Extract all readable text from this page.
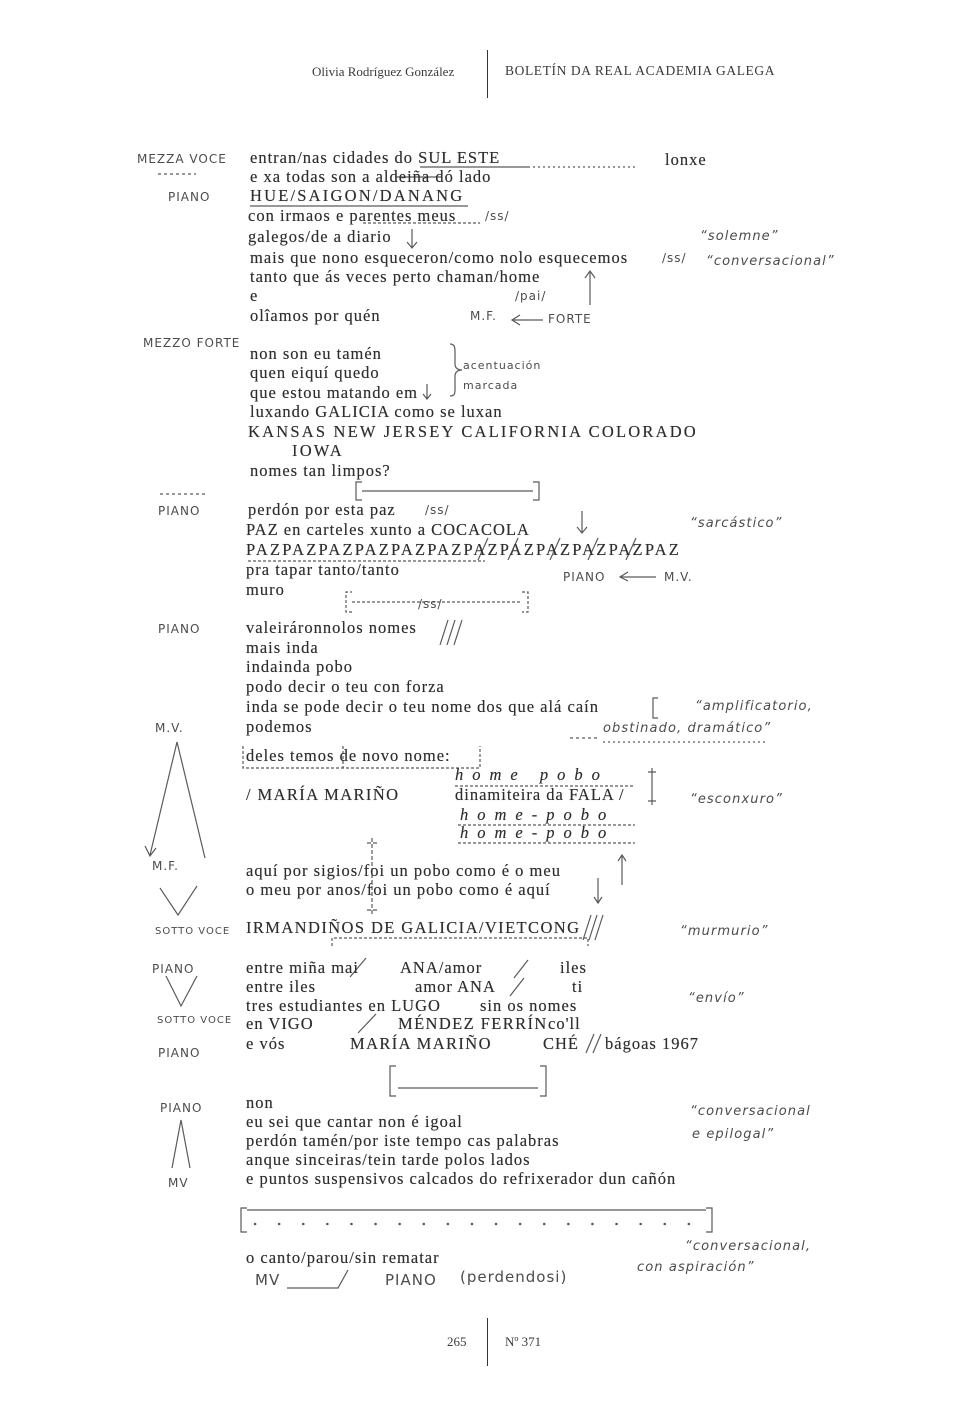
Olivia Rodríguez González	BOLETÍN DA REAL ACADEMIA GALEGA
MEZZA VOCE
PIANO
MEZZO FORTE
PIANO
PIANO
M.V.
M.F.
SOTTO VOCE
PIANO
SOTTO VOCE
PIANO
PIANO
MV
entran/nas cidades do SUL ESTE	lonxe
e xa todas son a aldeiña dó lado
HUE/SAIGON/DANANG
con irmaos e parentes meus
galegos/de a diario
mais que nono esqueceron/como nolo esquecemos
tanto que ás veces perto chaman/home
e
olîamos por quén
non son eu tamén
quen eiquí quedo
que estou matando em
luxando GALICIA como se luxan
KANSAS NEW JERSEY CALIFORNIA COLORADO
IOWA
nomes tan limpos?
perdón por esta paz
PAZ en carteles xunto a COCACOLA
PAZPAZPAZPAZPAZPAZPAZPAZPAZPAZPAZPAZ
pra tapar tanto/tanto
muro
valeiráronnolos nomes
mais inda
indainda pobo
podo decir o teu con forza
inda se pode decir o teu nome dos que alá caín
podemos
deles temos de novo nome:
home pobo
/ MARÍA MARIÑO	dinamiteira da FALA /
home-pobo
home-pobo
aquí por sigios/foi un pobo como é o meu
o meu por anos/foi un pobo como é aquí
IRMANDIÑOS DE GALICIA/VIETCONG
entre miña mai ANA/amor	iles
entre iles	amor ANA	ti
tres estudiantes en LUGO sin os nomes
en VIGO	MÉNDEZ FERRÍN co'll
e vós	MARÍA MARIÑO	CHÉ bágoas 1967
non
eu sei que cantar non é igoal
perdón tamén/por iste tempo cas palabras
anque sinceiras/tein tarde polos lados
e puntos suspensivos calcados do refrixerador dun cañón
o canto/parou/sin rematar
/ss/
/ss/
/pai/
M.F.	FORTE
acentuación
marcada
/ss/
PIANO	M.V.
/ss/
MV	PIANO (perdendosi)
“solemne”
“conversacional”
“sarcástico”
“amplificatorio,
obstinado, dramático”
“esconxuro”
“murmurio”
“envío”
“conversacional
e epilogal”
“conversacional,
con aspiración”
265	Nº 371
